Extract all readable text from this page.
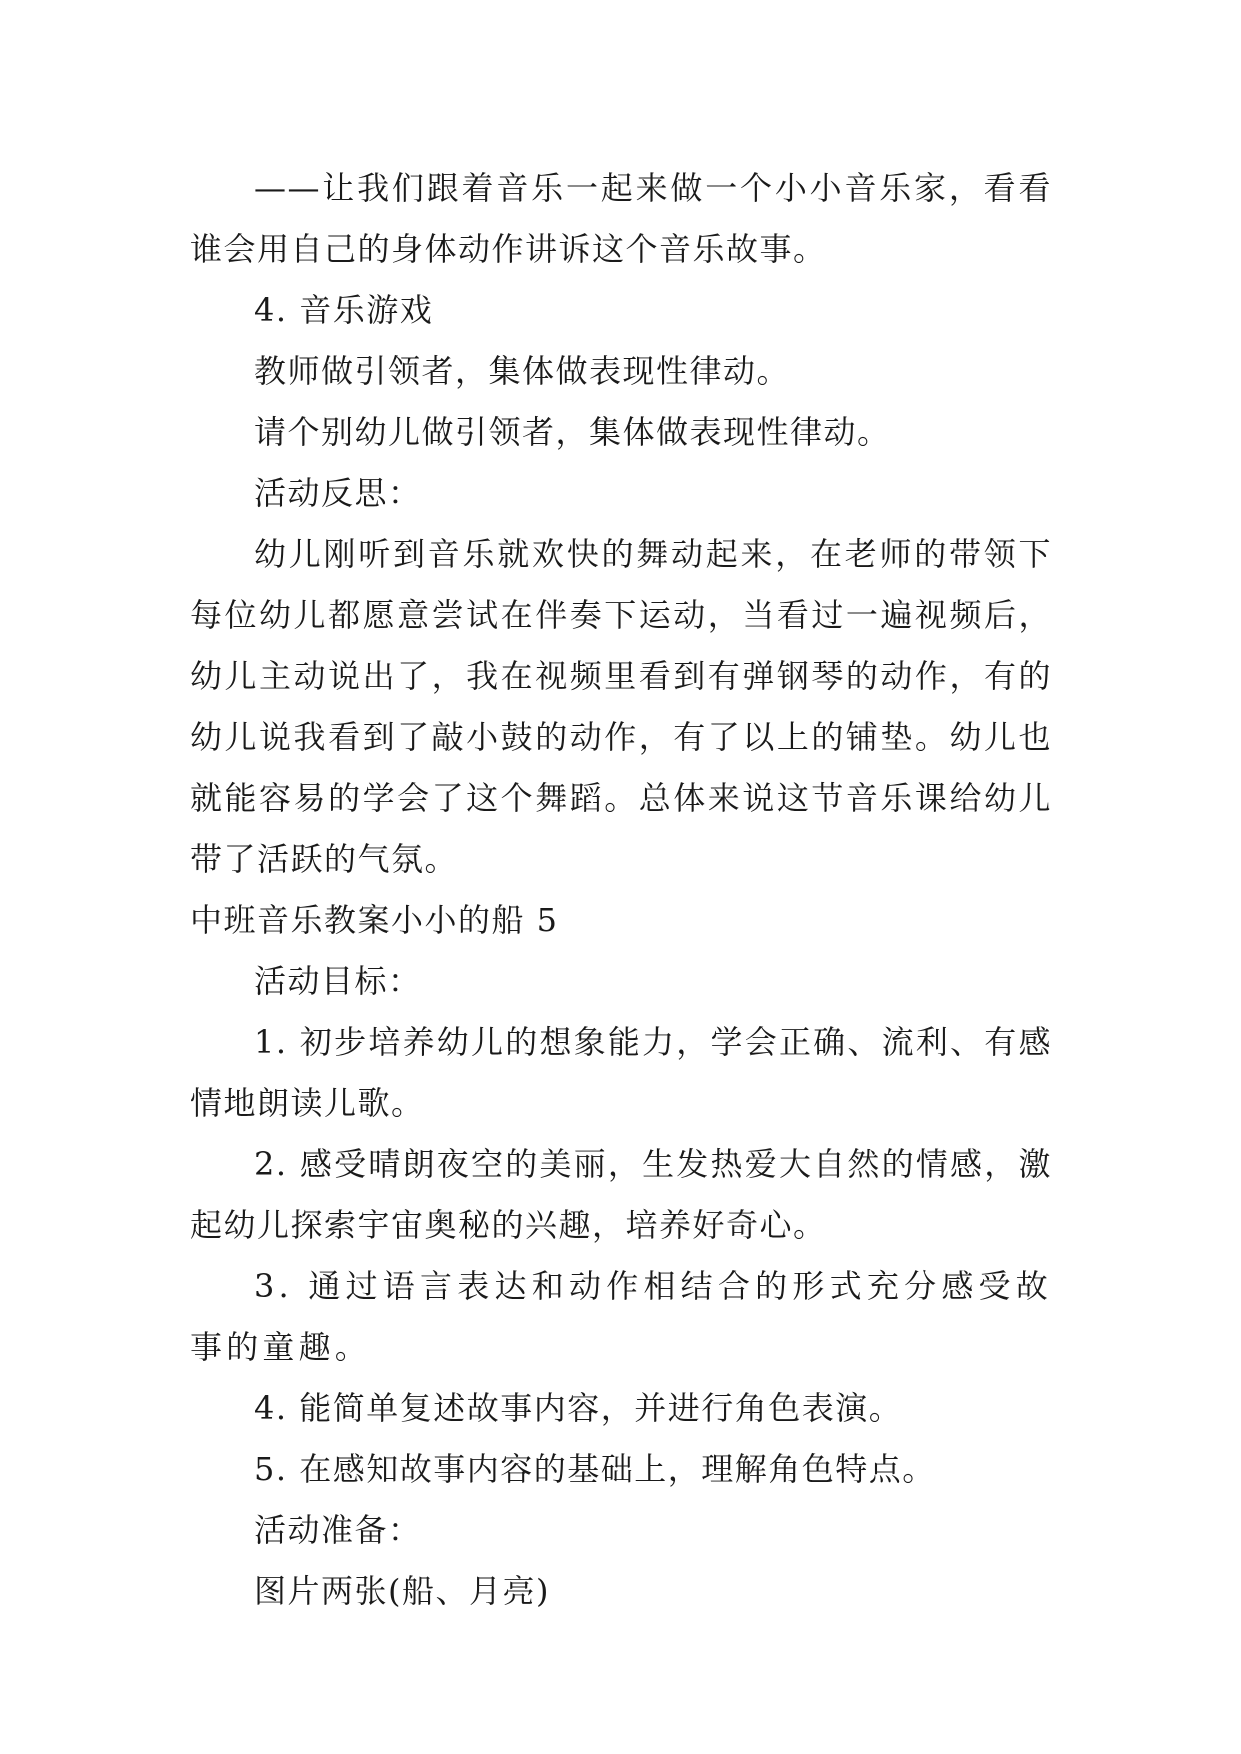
——让我们跟着音乐一起来做一个小小音乐家，看看谁会用自己的身体动作讲诉这个音乐故事。

4. 音乐游戏

教师做引领者，集体做表现性律动。

请个别幼儿做引领者，集体做表现性律动。

活动反思：

幼儿刚听到音乐就欢快的舞动起来，在老师的带领下每位幼儿都愿意尝试在伴奏下运动，当看过一遍视频后，幼儿主动说出了，我在视频里看到有弹钢琴的动作，有的幼儿说我看到了敲小鼓的动作，有了以上的铺垫。幼儿也就能容易的学会了这个舞蹈。总体来说这节音乐课给幼儿带了活跃的气氛。

中班音乐教案小小的船 5

活动目标：

1. 初步培养幼儿的想象能力，学会正确、流利、有感情地朗读儿歌。

2. 感受晴朗夜空的美丽，生发热爱大自然的情感，激起幼儿探索宇宙奥秘的兴趣，培养好奇心。

3. 通过语言表达和动作相结合的形式充分感受故事的童趣。

4. 能简单复述故事内容，并进行角色表演。

5. 在感知故事内容的基础上，理解角色特点。

活动准备：

图片两张(船、月亮)
